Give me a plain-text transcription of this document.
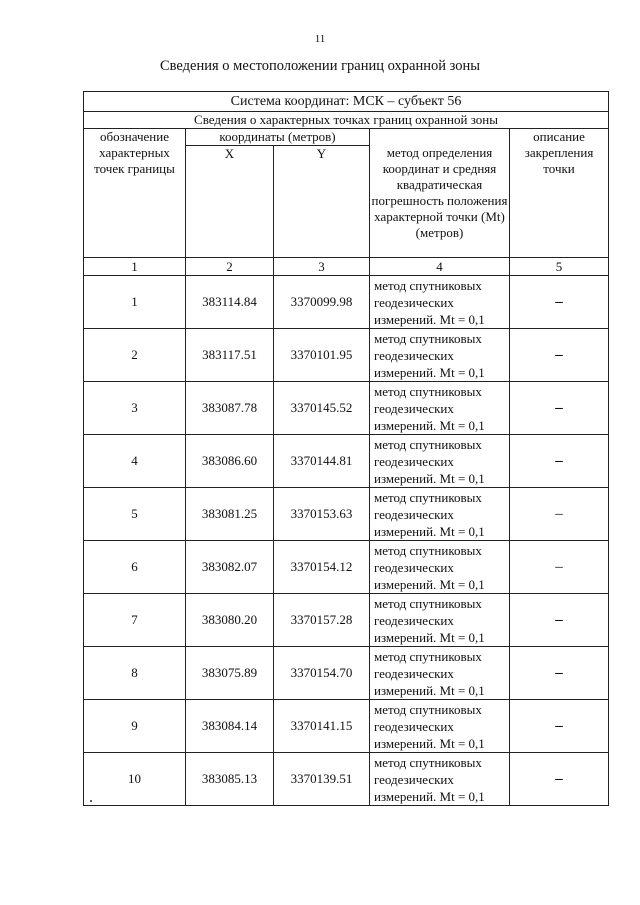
11
Сведения о местоположении границ охранной зоны
Система координат: МСК – субъект 56				
Сведения о характерных точках границ охранной зоны				
обозначение характерных точек границы	координаты (метров)		метод определения координат и средняя квадратическая погрешность положения характерной точки (Mt) (метров)	описание закрепления точки
	X	Y		
1	2	3	4	5
1	383114.84	3370099.98	метод спутниковых геодезических измерений. Mt = 0,1	–
2	383117.51	3370101.95	метод спутниковых геодезических измерений. Mt = 0,1	–
3	383087.78	3370145.52	метод спутниковых геодезических измерений. Mt = 0,1	–
4	383086.60	3370144.81	метод спутниковых геодезических измерений. Mt = 0,1	–
5	383081.25	3370153.63	метод спутниковых геодезических измерений. Mt = 0,1	–
6	383082.07	3370154.12	метод спутниковых геодезических измерений. Mt = 0,1	–
7	383080.20	3370157.28	метод спутниковых геодезических измерений. Mt = 0,1	–
8	383075.89	3370154.70	метод спутниковых геодезических измерений. Mt = 0,1	–
9	383084.14	3370141.15	метод спутниковых геодезических измерений. Mt = 0,1	–
10	383085.13	3370139.51	метод спутниковых геодезических измерений. Mt = 0,1	–
